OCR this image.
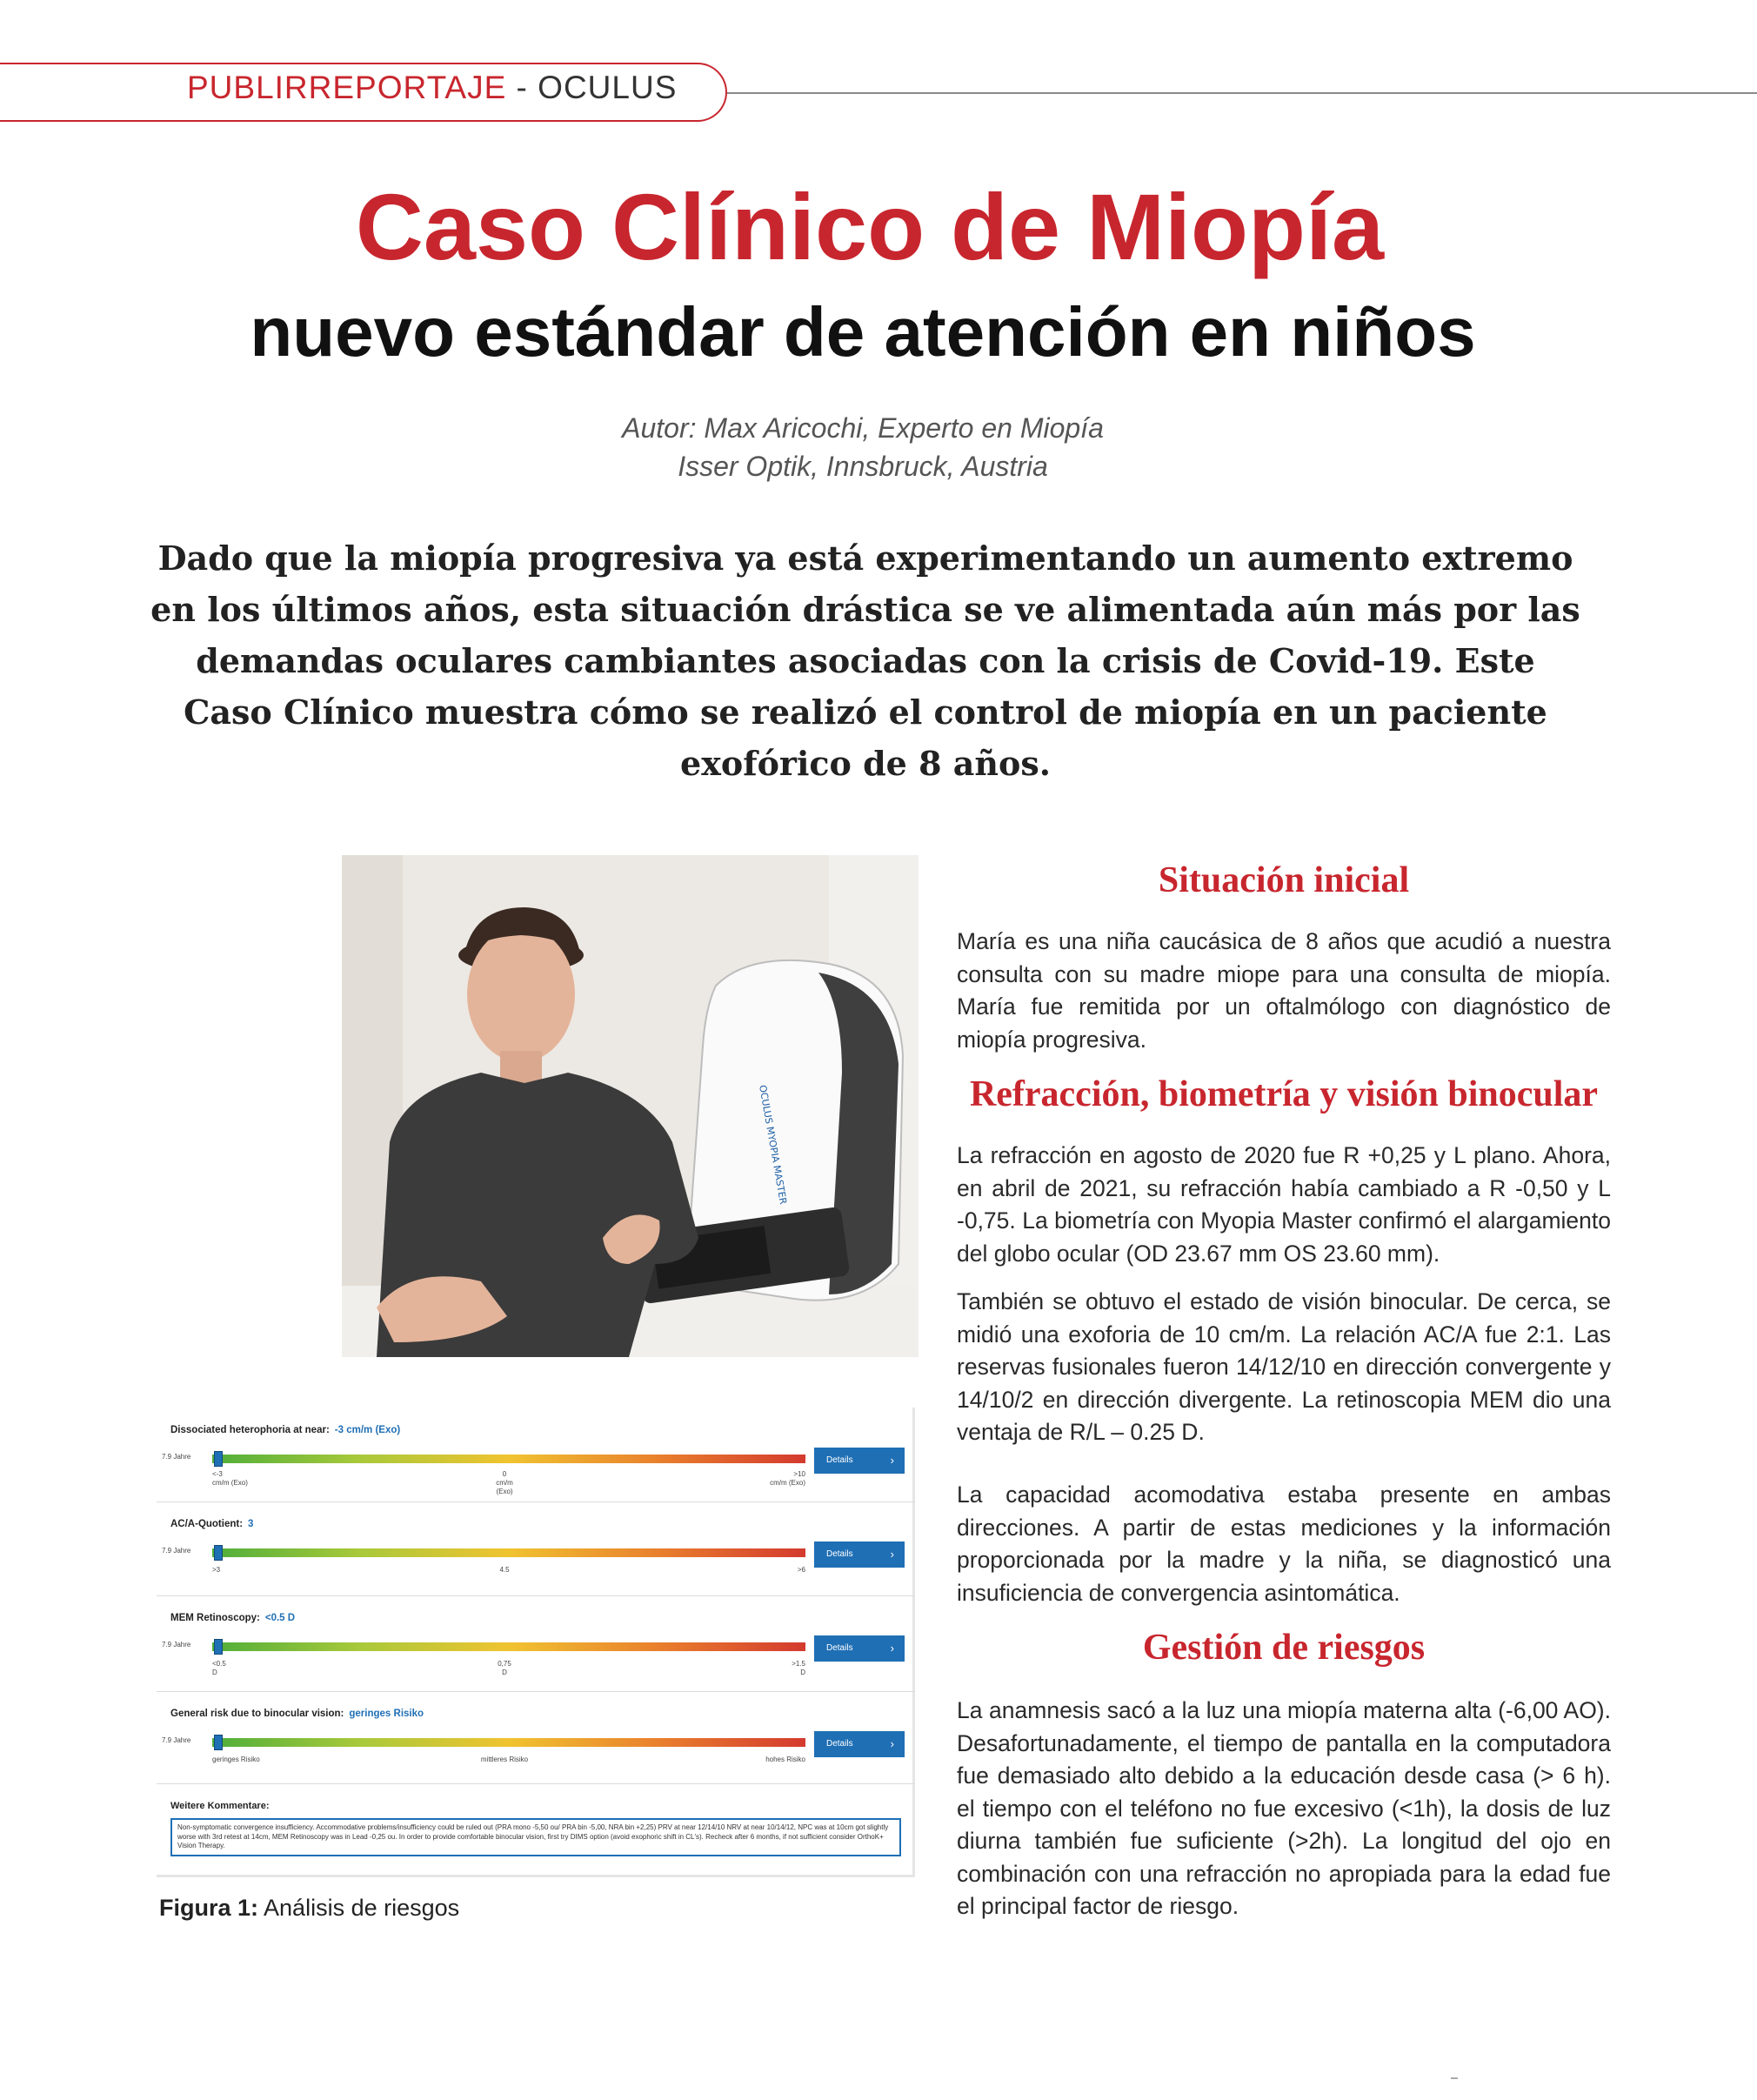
PUBLIRREPORTAJE - OCULUS
Caso Clínico de Miopía
nuevo estándar de atención en niños
Autor: Max Aricochi, Experto en Miopía
Isser Optik, Innsbruck, Austria

Dado que la miopía progresiva ya está experimentando un aumento extremo en los últimos años, esta situación drástica se ve alimentada aún más por las demandas oculares cambiantes asociadas con la crisis de Covid-19. Este Caso Clínico muestra cómo se realizó el control de miopía en un paciente exofórico de 8 años.

OCULUS MYOPIA MASTER
Dissociated heterophoria at near: -3 cm/m (Exo)
7.9 Jahre	Details	›
<-3
cm/m (Exo)
0
cm/m (Exo)
>10
cm/m (Exo)
AC/A-Quotient: 3
7.9 Jahre	Details	›
>3	4.5	>6
MEM Retinoscopy: <0.5 D
7.9 Jahre	Details	›
<0.5
D
0,75
D
>1.5
D
General risk due to binocular vision: geringes Risiko
7.9 Jahre	Details	›
geringes Risiko	mittleres Risiko	hohes Risiko
Weitere Kommentare:
Non-symptomatic convergence insufficiency. Accommodative problems/insufficiency could be ruled out (PRA mono -5,50 ou/ PRA bin -5,00, NRA bin +2,25) PRV at near 12/14/10 NRV at near 10/14/12, NPC was at 10cm got slightly worse with 3rd retest at 14cm, MEM Retinoscopy was in Lead -0,25 ou. In order to provide comfortable binocular vision, first try DIMS option (avoid exophoric shift in CL's). Recheck after 6 months, if not sufficient consider OrthoK+ Vision Therapy.
Figura 1: Análisis de riesgos
Situación inicial

María es una niña caucásica de 8 años que acudió a nuestra consulta con su madre miope para una consulta de miopía. María fue remitida por un oftalmólogo con diagnóstico de miopía progresiva.

Refracción, biometría y visión binocular

La refracción en agosto de 2020 fue R +0,25 y L plano. Ahora, en abril de 2021, su refracción había cambiado a R -0,50 y L -0,75. La biometría con Myopia Master confirmó el alargamiento del globo ocular (OD 23.67 mm OS 23.60 mm).

También se obtuvo el estado de visión binocular. De cerca, se midió una exoforia de 10 cm/m. La relación AC/A fue 2:1. Las reservas fusionales fueron 14/12/10 en dirección convergente y 14/10/2 en dirección divergente. La retinoscopia MEM dio una ventaja de R/L – 0.25 D.

La capacidad acomodativa estaba presente en ambas direcciones. A partir de estas mediciones y la información proporcionada por la madre y la niña, se diagnosticó una insuficiencia de convergencia asintomática.

Gestión de riesgos

La anamnesis sacó a la luz una miopía materna alta (-6,00 AO). Desafortunadamente, el tiempo de pantalla en la computadora fue demasiado alto debido a la educación desde casa (> 6 h). el tiempo con el teléfono no fue excesivo (<1h), la dosis de luz diurna también fue suficiente (>2h). La longitud del ojo en combinación con una refracción no apropiada para la edad fue el principal factor de riesgo.
